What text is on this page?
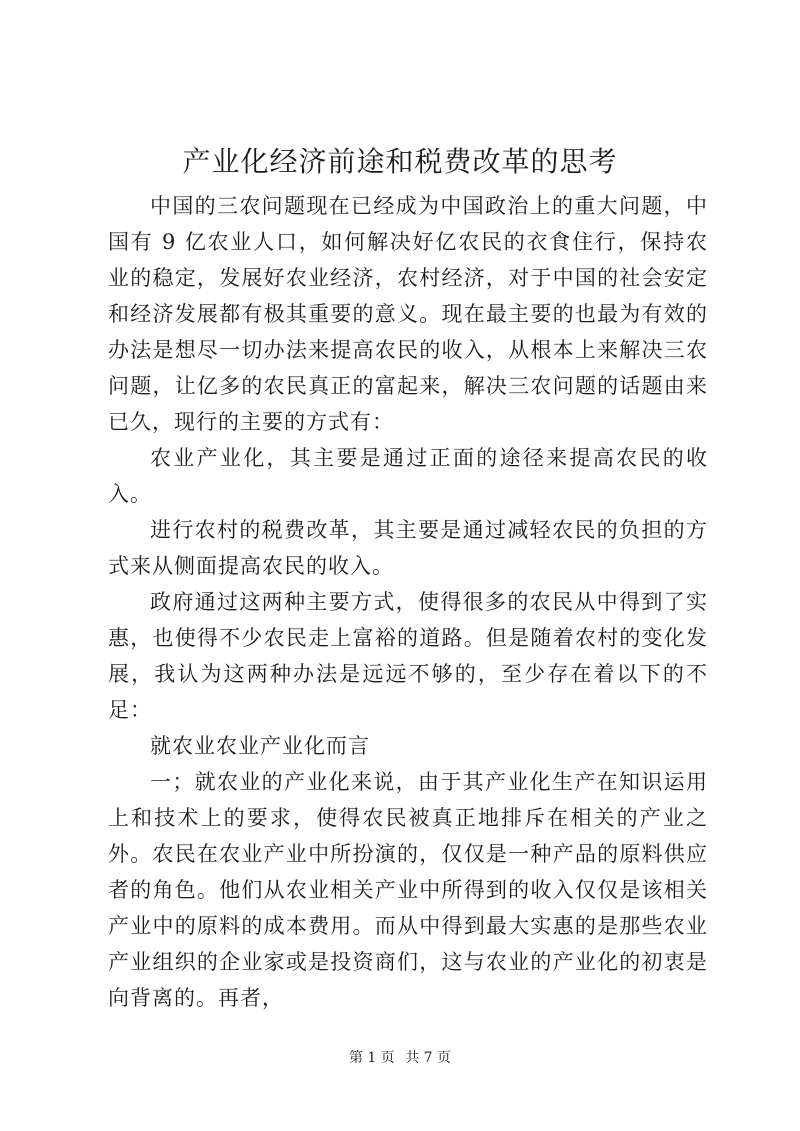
产业化经济前途和税费改革的思考

中国的三农问题现在已经成为中国政治上的重大问题，中国有 9 亿农业人口，如何解决好亿农民的衣食住行，保持农业的稳定，发展好农业经济，农村经济，对于中国的社会安定和经济发展都有极其重要的意义。现在最主要的也最为有效的办法是想尽一切办法来提高农民的收入，从根本上来解决三农问题，让亿多的农民真正的富起来，解决三农问题的话题由来已久，现行的主要的方式有：

农业产业化，其主要是通过正面的途径来提高农民的收入。

进行农村的税费改革，其主要是通过减轻农民的负担的方式来从侧面提高农民的收入。

政府通过这两种主要方式，使得很多的农民从中得到了实惠，也使得不少农民走上富裕的道路。但是随着农村的变化发展，我认为这两种办法是远远不够的，至少存在着以下的不足：

就农业农业产业化而言

一；就农业的产业化来说，由于其产业化生产在知识运用上和技术上的要求，使得农民被真正地排斥在相关的产业之外。农民在农业产业中所扮演的，仅仅是一种产品的原料供应者的角色。他们从农业相关产业中所得到的收入仅仅是该相关产业中的原料的成本费用。而从中得到最大实惠的是那些农业产业组织的企业家或是投资商们，这与农业的产业化的初衷是向背离的。再者，

第 1 页 共 7 页
